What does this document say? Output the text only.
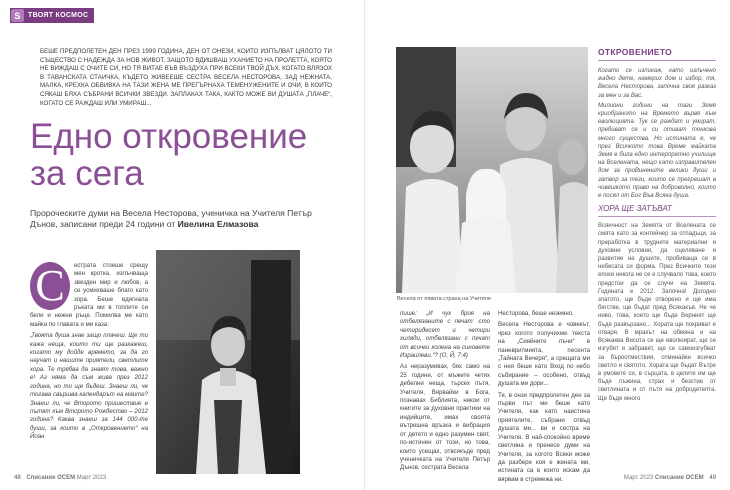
S	ТВОЯТ КОСМОС
БЕШЕ ПРЕДПОЛЕТЕН ДЕН ПРЕЗ 1999 ГОДИНА, ДЕН ОТ ОНЕЗИ, КОИТО ИЗПЪЛВАТ ЦЯЛОТО ТИ СЪЩЕСТВО С НАДЕЖДА ЗА НОВ ЖИВОТ, ЗАЩОТО ВДИШВАШ УХАНИЕТО НА ПРОЛЕТТА, КОЯТО НЕ ВИЖДАШ С ОЧИТЕ СИ, НО ТЯ ВИТАЕ ВЪВ ВЪЗДУХА ПРИ ВСЕКИ ТВОЙ ДЪХ. КОГАТО ВЛЯЗОХ В ТАВАНСКАТА СТАИЧКА, КЪДЕТО ЖИВЕЕШЕ СЕСТРА ВЕСЕЛА НЕСТОРОВА, ЗАД НЕЖНАТА, МАЛКА, КРЕХКА ОБВИВКА НА ТАЗИ ЖЕНА МЕ ПРЕГЪРНАХА ТЕМЕНУЖЕНИТЕ И ОЧИ, В КОИТО СЯКАШ БЯХА СЪБРАНИ ВСИЧКИ ЗВЕЗДИ. ЗАПЛАКАХ ТАКА, КАКТО МОЖЕ ВИ ДУШАТА „ПЛАЧЕ“, КОГАТО СЕ РАЖДАШ ИЛИ УМИРАШ...
Едно откровение за сега
Пророческите думи на Весела Несторова, ученичка на Учителя Петър Дънов, записани преди 24 години от Ивелина Елмазова

С	естрата стоеше срещу мен кротка, излъчваща звезден мир и любов, а се усмихваше благо като зора. Беше вдигнала ръката ми в топлите си бели и нежни ръце. Помилва ме като майка по главата и ми каза:

„Твоята душа знае защо плачеш. Ще ти кажа неща, които ти ще разкажеш, когато му дойде времето, за да го научат и нашите приятели, светлите хора. Те трябва да знаят това, важно е! Аз няма да съм жива през 2012 година, но ти ще бъдеш. Знаеш ли, че тогава свършва календарът на маите? Знаеш ли, че Второто пришествие е пътят към Второто Рождество – 2012 година? Каква знаеш за 144 000-те души, за които в „Откровението“ на Йоан

Весела от лявата страна на Учителя

пише: „И чух броя на отбелязаните с печат: сто четиридесет и четири хиляди, отбелязани с печат от всички колена на синовете Израилеви.“? (О, Й, 7:4)

Аз неразумивах, бях само на 25 години, от мъжете четях дебелни неща, търсех пътя, Учителя, Вярвайки в Бога, познавах Библията, някои от книгите за духовни практики на индийците, имах своята вътрешна връзка и вибрация от детето и едно разумен свят, по-истинен от този, но това, които усещах, отвсякъде пред ученичката на Учителя Петър Дънов, сестрата Весела

Несторова, беше неземно.

Весела Несторова е човекът, чрез когото получихме текста на „Сияйните лъчи“ в паневритмията, песента „Тайната Вечеря“, а срещата ми с нея беше като Вход по небо събирание – особено, отвъд душата ми дори...

Тя, в онзи предпролетен ден за първи път ми беше като Учителя, как като наистина приятелите, събрани отвъд душата ми... ви и сестра на Учителя. В най-спокойно време светлина и пренесе думи на Учителя, за когото Всеки може да разбере коя е жената ми, истината са в които искам да вярвам в стремежа ни.

ОТКРОВЕНИЕТО

Когато се изпикаж, като излъчено жадно дете, намерих дом и избор, тя, Весела Несторова, започна своя разказ за мен и за Вас.

Милиони години на тази Земя криобраното на Времето вървя към еволюцията. Тук се раждат и умират, пребиват се и си отиват тонкова много существа. Но истината е, че през Всичкото това Време майката Земя е била едно интерпретно училище на Вселената, нещо като изправителен дом за проВинените велики души и затвор за тези, които се прегрешат в човешкото право на доброволно, които е посял от Бог Във Всяка душа.

ХОРА ЩЕ ЗАТЪВАТ

Всяичност на Земята от Вселената се смята като за контейнер за отпадъци, за преработка в трудните материални и духовни условия, да оцеляване и развитие на душите, пробиваща се в небесата си форма. През Всичките тези епохи никога не се е случвало това, което предстои да се случи на Земята. Годината е 2012. Започна! Догодно златото, ще бъде отворено и ще има бягстве, ще бъдат пред Всякакъв. Не че ниво, това, което ще бъде Верният ще бъде развързано... Хората ще покриват е отваря. В мракът на обмяна и на Всякаква Висота се ще еволюират, ще се изгубят и забравят, ще се самоизгубват за бъроотмествия, отминайки всичко светло и святото. Хората ще бъдат Вътре в умовете си, в сърцата, в целите им ще бъде лъжина, страх и безстие от светлината и от пътя на добродетелта. Ще бъде много

48 Списание ОСЕМ Март 2023	Март 2023 Списание ОСЕМ 49
